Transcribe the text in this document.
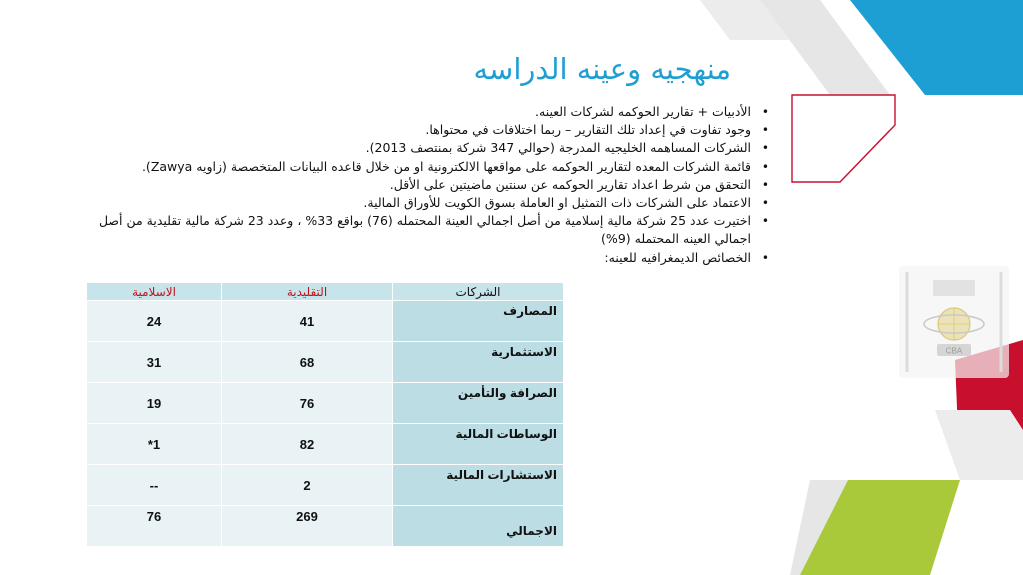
منهجيه وعينه الدراسه
• الأدبيات + تقارير الحوكمه لشركات العينه.
• وجود تفاوت في إعداد تلك التقارير – ربما اختلافات في محتواها.
• الشركات المساهمه الخليجيه المدرجة (حوالي 347 شركة بمنتصف 2013).
• قائمة الشركات المعده لتقارير الحوكمه على مواقعها الالكترونية او من خلال قاعده البيانات المتخصصة (زاويه Zawya).
• التحقق من شرط اعداد تقارير الحوكمه عن سنتين ماضيتين على الأقل.
• الاعتماد على الشركات ذات التمثيل او العاملة بسوق الكويت للأوراق المالية.
• اختيرت عدد 25 شركة مالية إسلامية من أصل اجمالي العينة المحتمله (76) بواقع 33% ، وعدد 23 شركة مالية تقليدية من أصل اجمالي العينه المحتمله (9%)
• الخصائص الديمغرافيه للعينه:
الشركات	التقليدية	الاسلامية
المصارف	41	24
الاستثمارية	68	31
الصرافة والتأمين	76	19
الوساطات المالية	82	1*
الاستشارات المالية	2	--
الاجمالي	269	76
CBA
